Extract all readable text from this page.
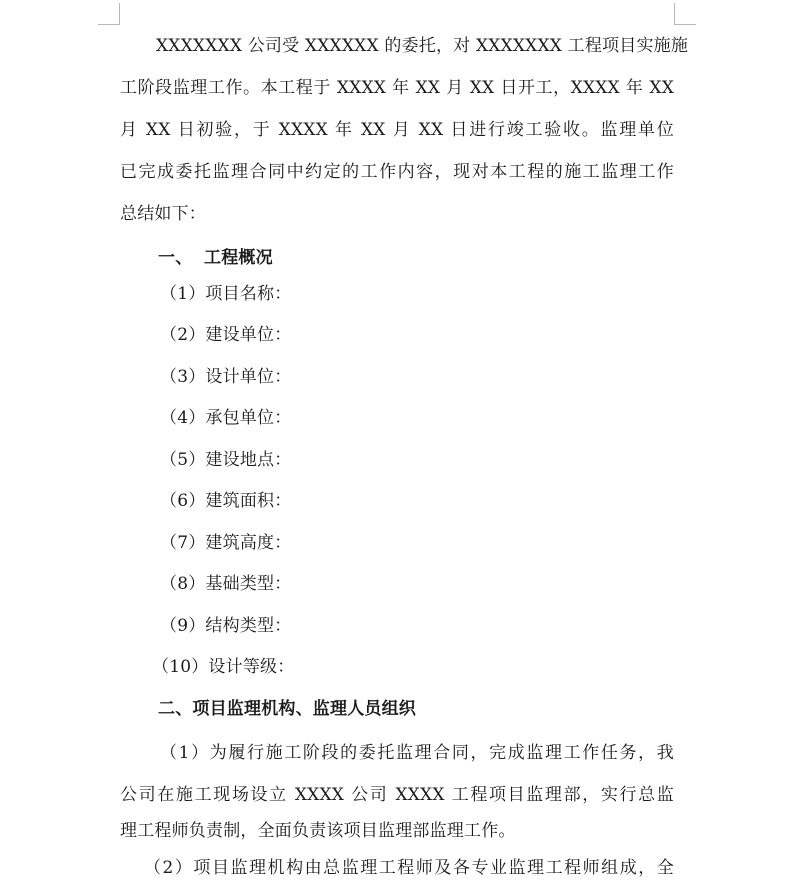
XXXXXXX 公司受 XXXXXX 的委托，对 XXXXXXX 工程项目实施施
工阶段监理工作。本工程于 XXXX 年 XX 月 XX 日开工，XXXX 年 XX
月 XX 日初验，于 XXXX 年 XX 月 XX 日进行竣工验收。监理单位
已完成委托监理合同中约定的工作内容，现对本工程的施工监理工作
总结如下：
一、 工程概况
（1）项目名称：
（2）建设单位：
（3）设计单位：
（4）承包单位：
（5）建设地点：
（6）建筑面积：
（7）建筑高度：
（8）基础类型：
（9）结构类型：
（10）设计等级：
二、项目监理机构、监理人员组织
（1）为履行施工阶段的委托监理合同，完成监理工作任务，我
公司在施工现场设立 XXXX 公司 XXXX 工程项目监理部，实行总监
理工程师负责制，全面负责该项目监理部监理工作。
（2）项目监理机构由总监理工程师及各专业监理工程师组成，全
